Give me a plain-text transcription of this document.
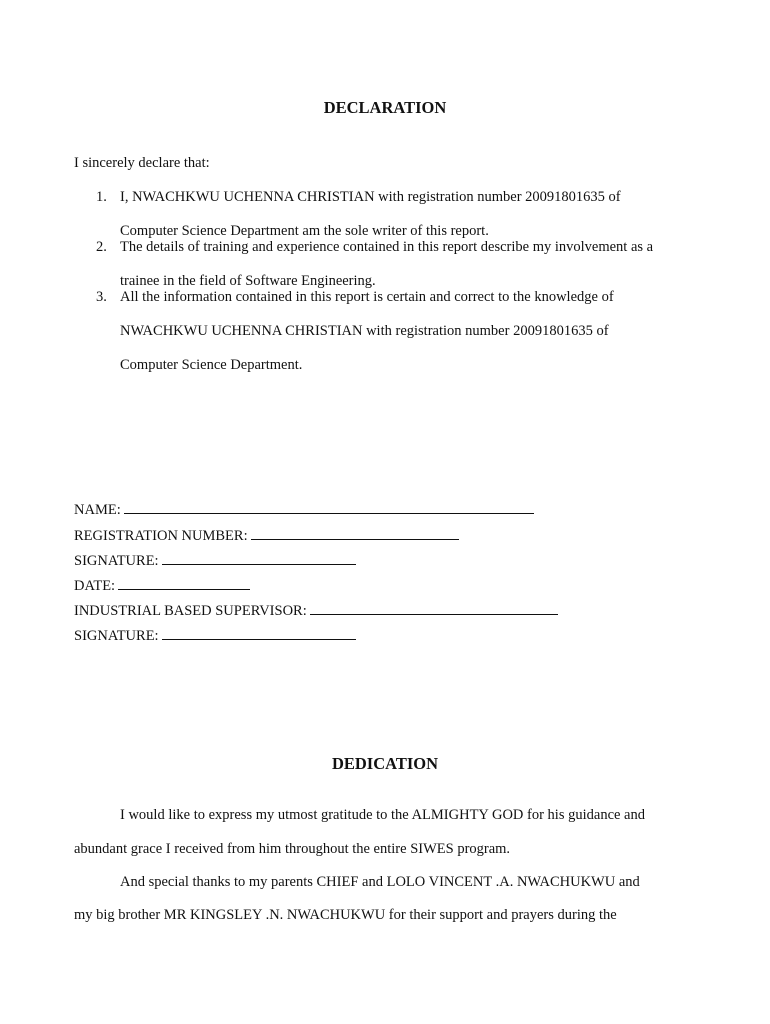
DECLARATION
I sincerely declare that:
1. I, NWACHKWU UCHENNA CHRISTIAN with registration number 20091801635 of
Computer Science Department am the sole writer of this report.
2. The details of training and experience contained in this report describe my involvement as a
trainee in the field of Software Engineering.
3. All the information contained in this report is certain and correct to the knowledge of
NWACHKWU UCHENNA CHRISTIAN with registration number 20091801635 of
Computer Science Department.
NAME:
REGISTRATION NUMBER:
SIGNATURE:
DATE:
INDUSTRIAL BASED SUPERVISOR:
SIGNATURE:
DEDICATION
I would like to express my utmost gratitude to the ALMIGHTY GOD for his guidance and
abundant grace I received from him throughout the entire SIWES program.
And special thanks to my parents CHIEF and LOLO VINCENT .A. NWACHUKWU and
my big brother MR KINGSLEY .N. NWACHUKWU for their support and prayers during the
